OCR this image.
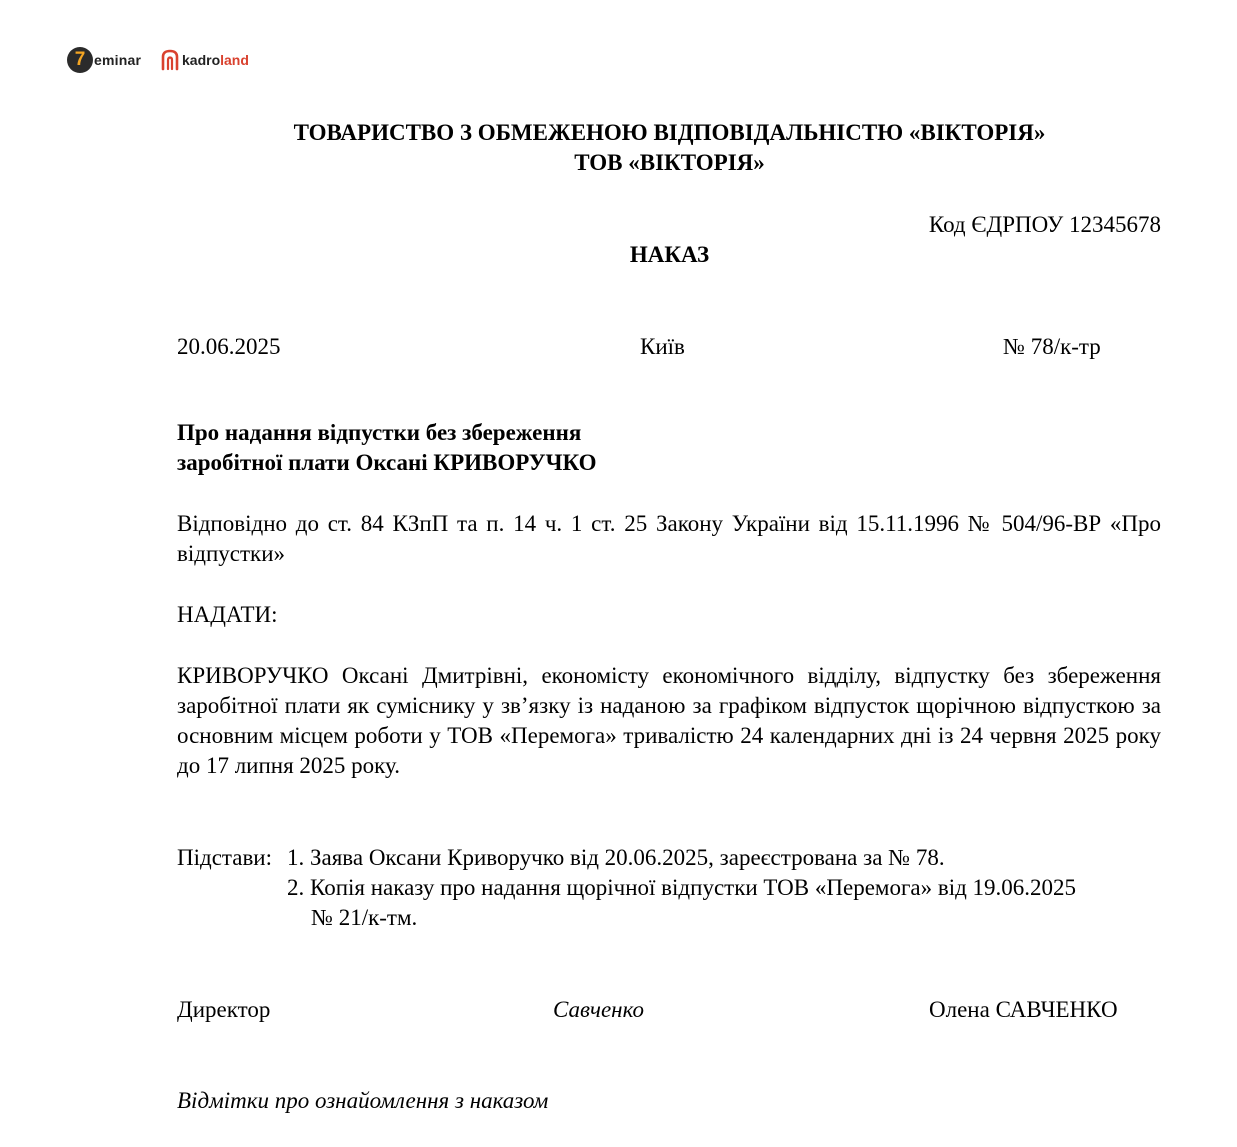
7 eminar	kadroland
ТОВАРИСТВО З ОБМЕЖЕНОЮ ВІДПОВІДАЛЬНІСТЮ «ВІКТОРІЯ»
ТОВ «ВІКТОРІЯ»
Код ЄДРПОУ 12345678
НАКАЗ
20.06.2025	Київ	№ 78/к-тр
Про надання відпустки без збереження
заробітної плати Оксані КРИВОРУЧКО
Відповідно до ст. 84 КЗпП та п. 14 ч. 1 ст. 25 Закону України від 15.11.1996 № 504/96-ВР «Про відпустки»
НАДАТИ:
КРИВОРУЧКО Оксані Дмитрівні, економісту економічного відділу, відпустку без збереження заробітної плати як суміснику у зв’язку із наданою за графіком відпусток щорічною відпусткою за основним місцем роботи у ТОВ «Перемога» тривалістю 24 календарних дні із 24 червня 2025 року до 17 липня 2025 року.
Підстави: 1. Заява Оксани Криворучко від 20.06.2025, зареєстрована за № 78.
2. Копія наказу про надання щорічної відпустки ТОВ «Перемога» від 19.06.2025
№ 21/к-тм.
Директор	Савченко	Олена САВЧЕНКО
Відмітки про ознайомлення з наказом
